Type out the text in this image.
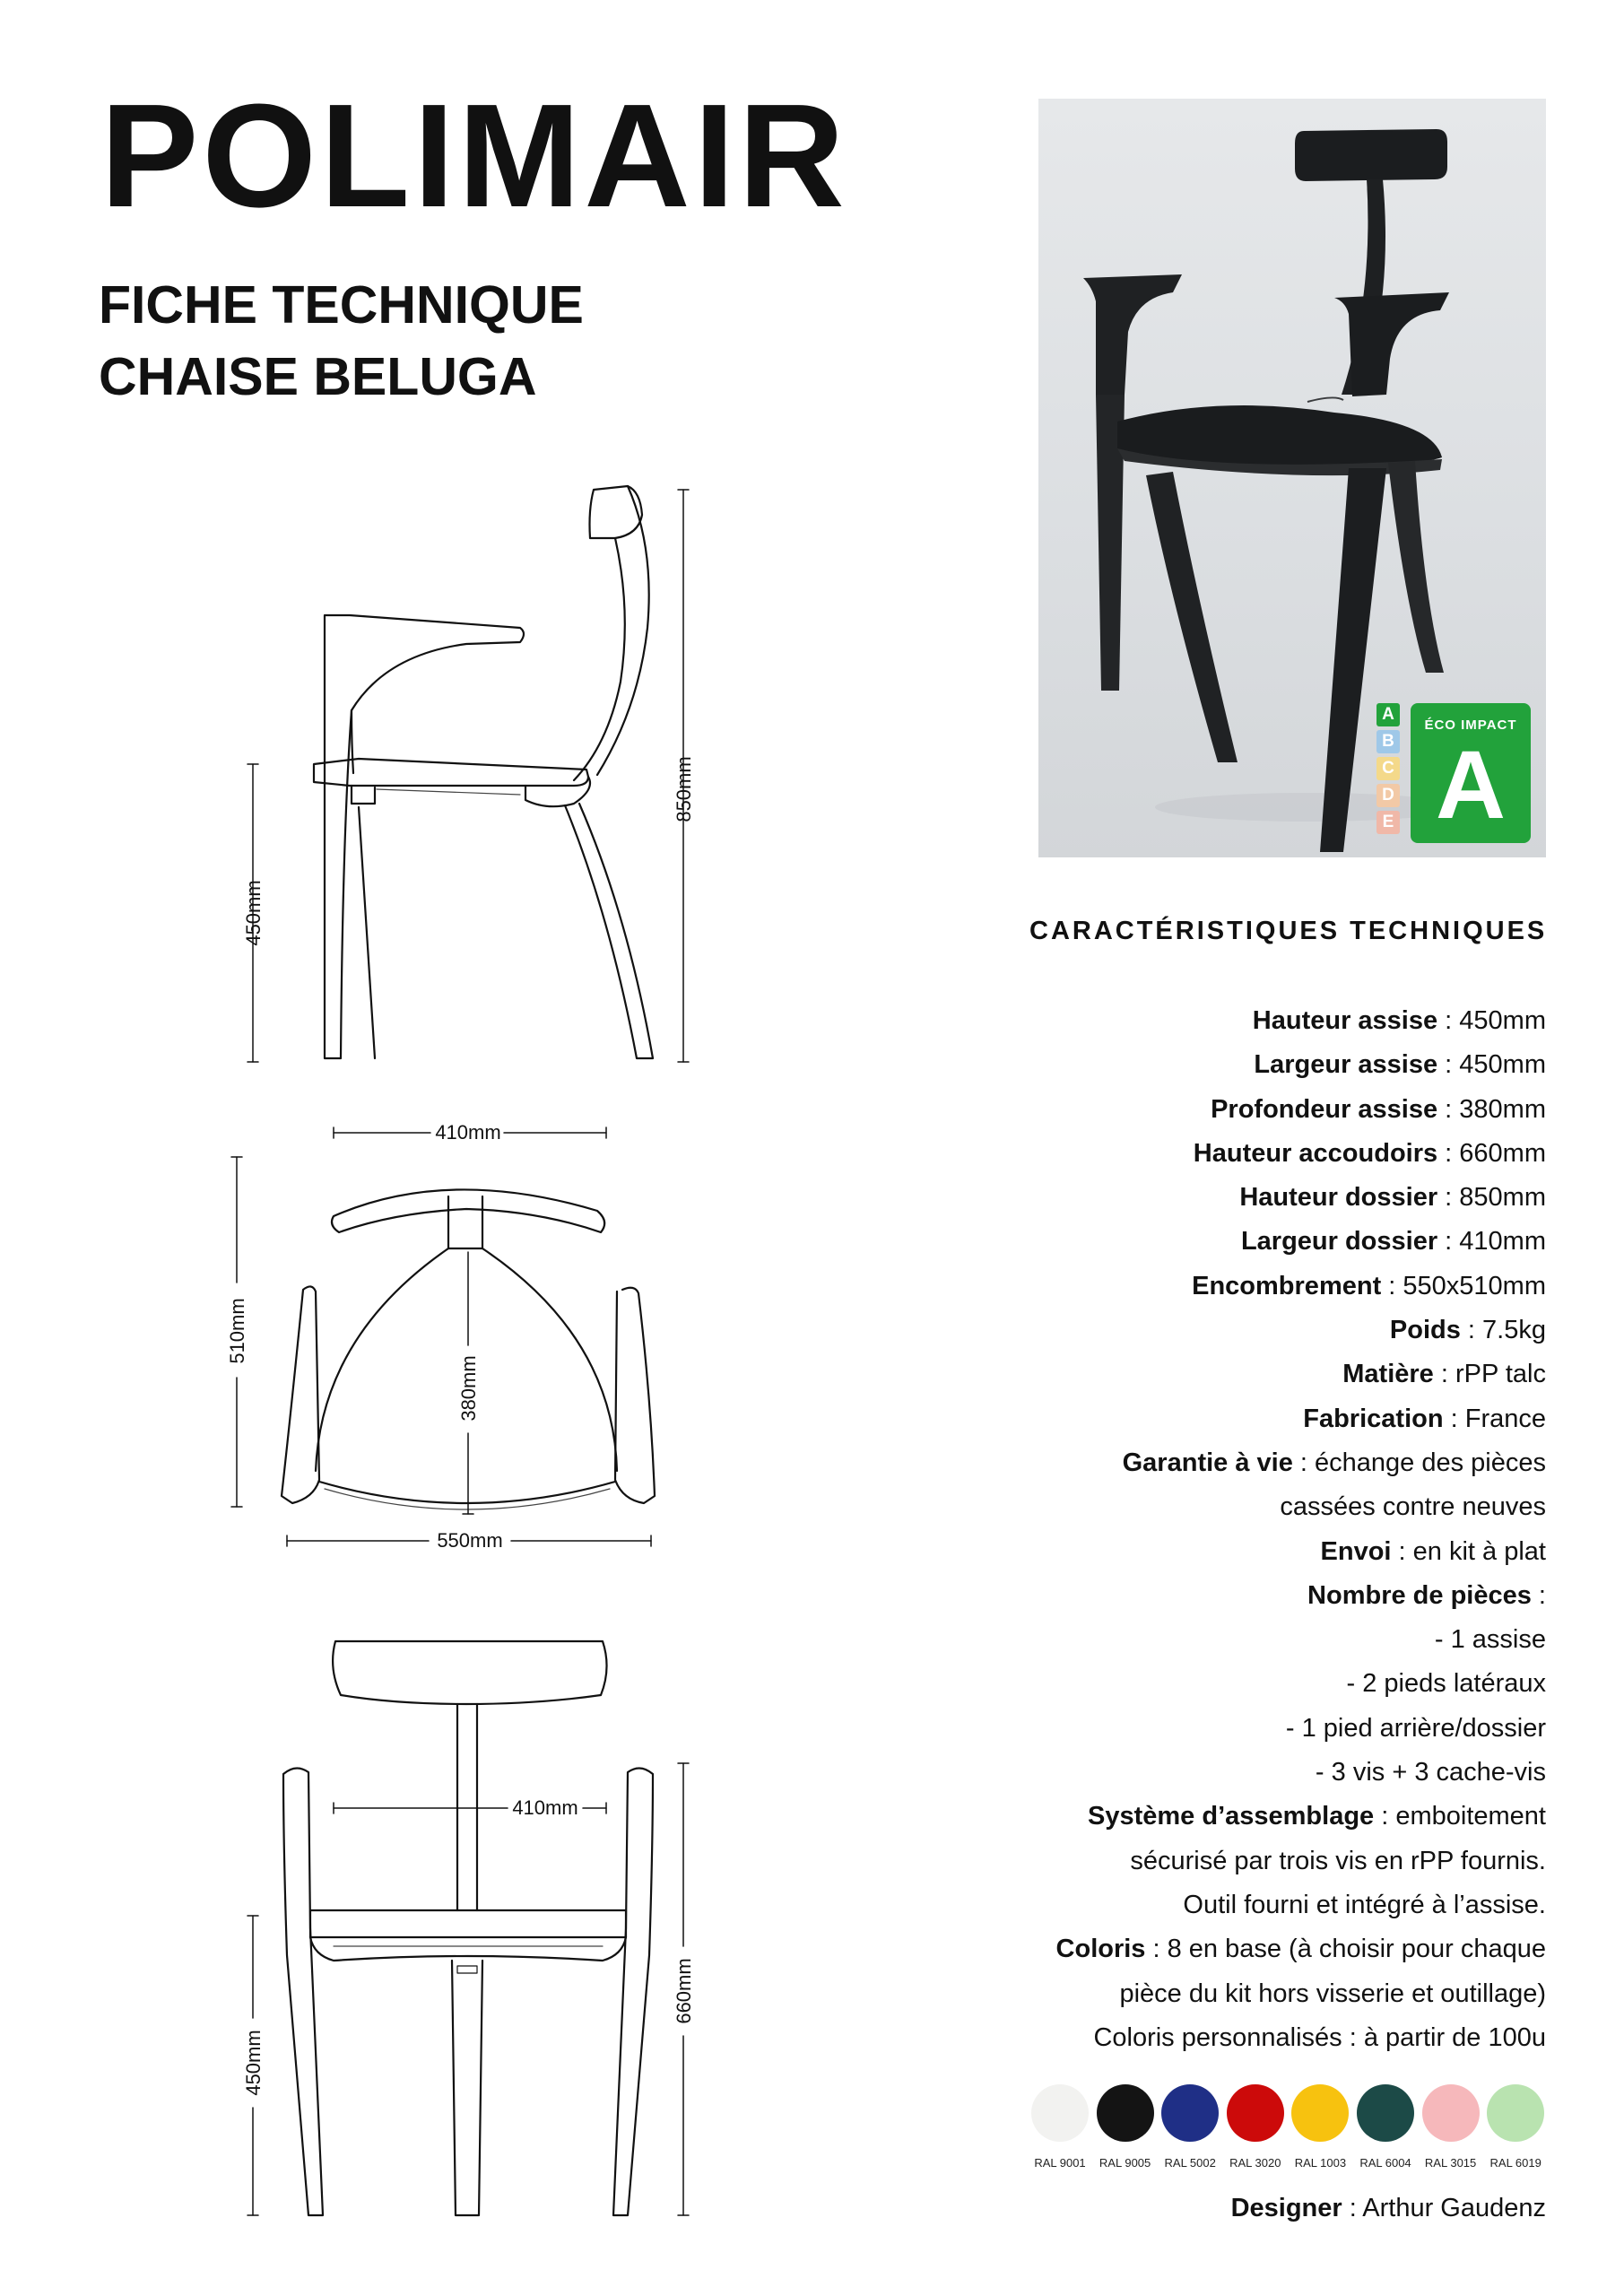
POLIMAIR
FICHE TECHNIQUE
CHAISE BELUGA
450mm
850mm
410mm
510mm
380mm
550mm
410mm
450mm
660mm
A
B
C
D
E
ÉCO IMPACT
A
CARACTÉRISTIQUES TECHNIQUES
Hauteur assise : 450mm
Largeur assise : 450mm
Profondeur assise : 380mm
Hauteur accoudoirs : 660mm
Hauteur dossier : 850mm
Largeur dossier : 410mm
Encombrement : 550x510mm
Poids : 7.5kg
Matière : rPP talc
Fabrication : France
Garantie à vie : échange des pièces
cassées contre neuves
Envoi : en kit à plat
Nombre de pièces :
- 1 assise
- 2 pieds latéraux
- 1 pied arrière/dossier
- 3 vis + 3 cache-vis
Système d’assemblage : emboitement
sécurisé par trois vis en rPP fournis.
Outil fourni et intégré à l’assise.
Coloris : 8 en base (à choisir pour chaque
pièce du kit hors visserie et outillage)
Coloris personnalisés : à partir de 100u
RAL 9001	RAL 9005	RAL 5002	RAL 3020	RAL 1003	RAL 6004	RAL 3015	RAL 6019
Designer : Arthur Gaudenz
